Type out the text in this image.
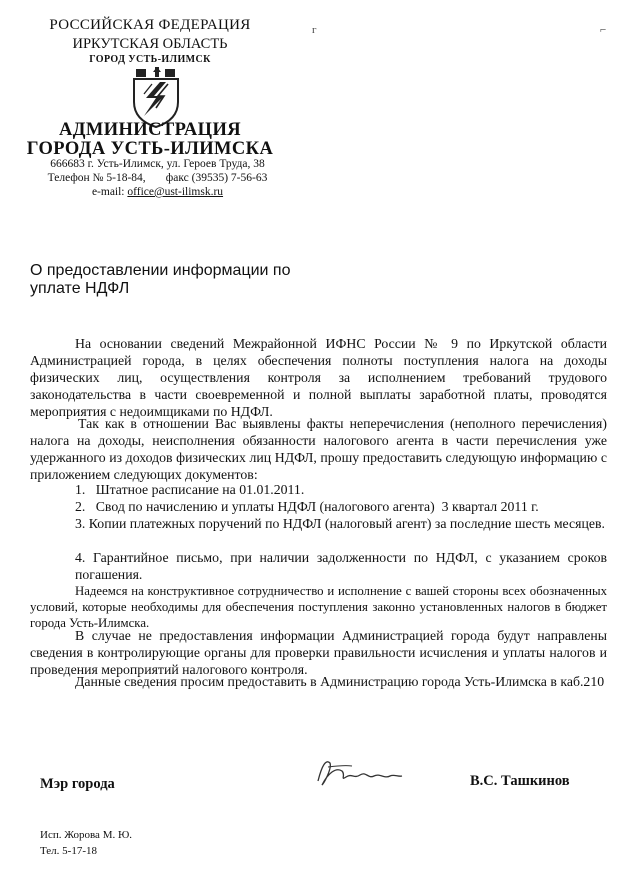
РОССИЙСКАЯ ФЕДЕРАЦИЯ
ИРКУТСКАЯ ОБЛАСТЬ
ГОРОД УСТЬ-ИЛИМСК
АДМИНИСТРАЦИЯ
ГОРОДА УСТЬ-ИЛИМСКА
666683 г. Усть-Илимск, ул. Героев Труда, 38
Телефон № 5-18-84,       факс (39535) 7-56-63
e-mail: office@ust-ilimsk.ru
г	⌐
О предоставлении информации по
уплате НДФЛ
На основании сведений Межрайонной ИФНС России № 9 по Иркутской области Администрацией города, в целях обеспечения полноты поступления налога на доходы физических лиц, осуществления контроля за исполнением требований трудового законодательства в части своевременной и полной выплаты заработной платы, проводятся мероприятия с недоимщиками по НДФЛ.
Так как в отношении Вас выявлены факты неперечисления (неполного перечисления) налога на доходы, неисполнения обязанности налогового агента в части перечисления уже удержанного из доходов физических лиц НДФЛ, прошу предоставить следующую информацию с приложением следующих документов:
1.   Штатное расписание на 01.01.2011.
2.   Свод по начислению и уплаты НДФЛ (налогового агента)  3 квартал 2011 г.
3. Копии платежных поручений по НДФЛ (налоговый агент) за последние шесть месяцев.
4. Гарантийное письмо, при наличии задолженности по НДФЛ, с указанием сроков погашения.
Надеемся на конструктивное сотрудничество и исполнение с вашей стороны всех обозначенных условий, которые необходимы для обеспечения поступления законно установленных налогов в бюджет города Усть-Илимска.
В случае не предоставления информации Администрацией города будут направлены сведения в контролирующие органы для проверки правильности исчисления и уплаты налогов и проведения мероприятий налогового контроля.
Данные сведения просим предоставить в Администрацию города Усть-Илимска в каб.210
Мэр города	В.С. Ташкинов
Исп. Жорова М. Ю.
Тел. 5-17-18
